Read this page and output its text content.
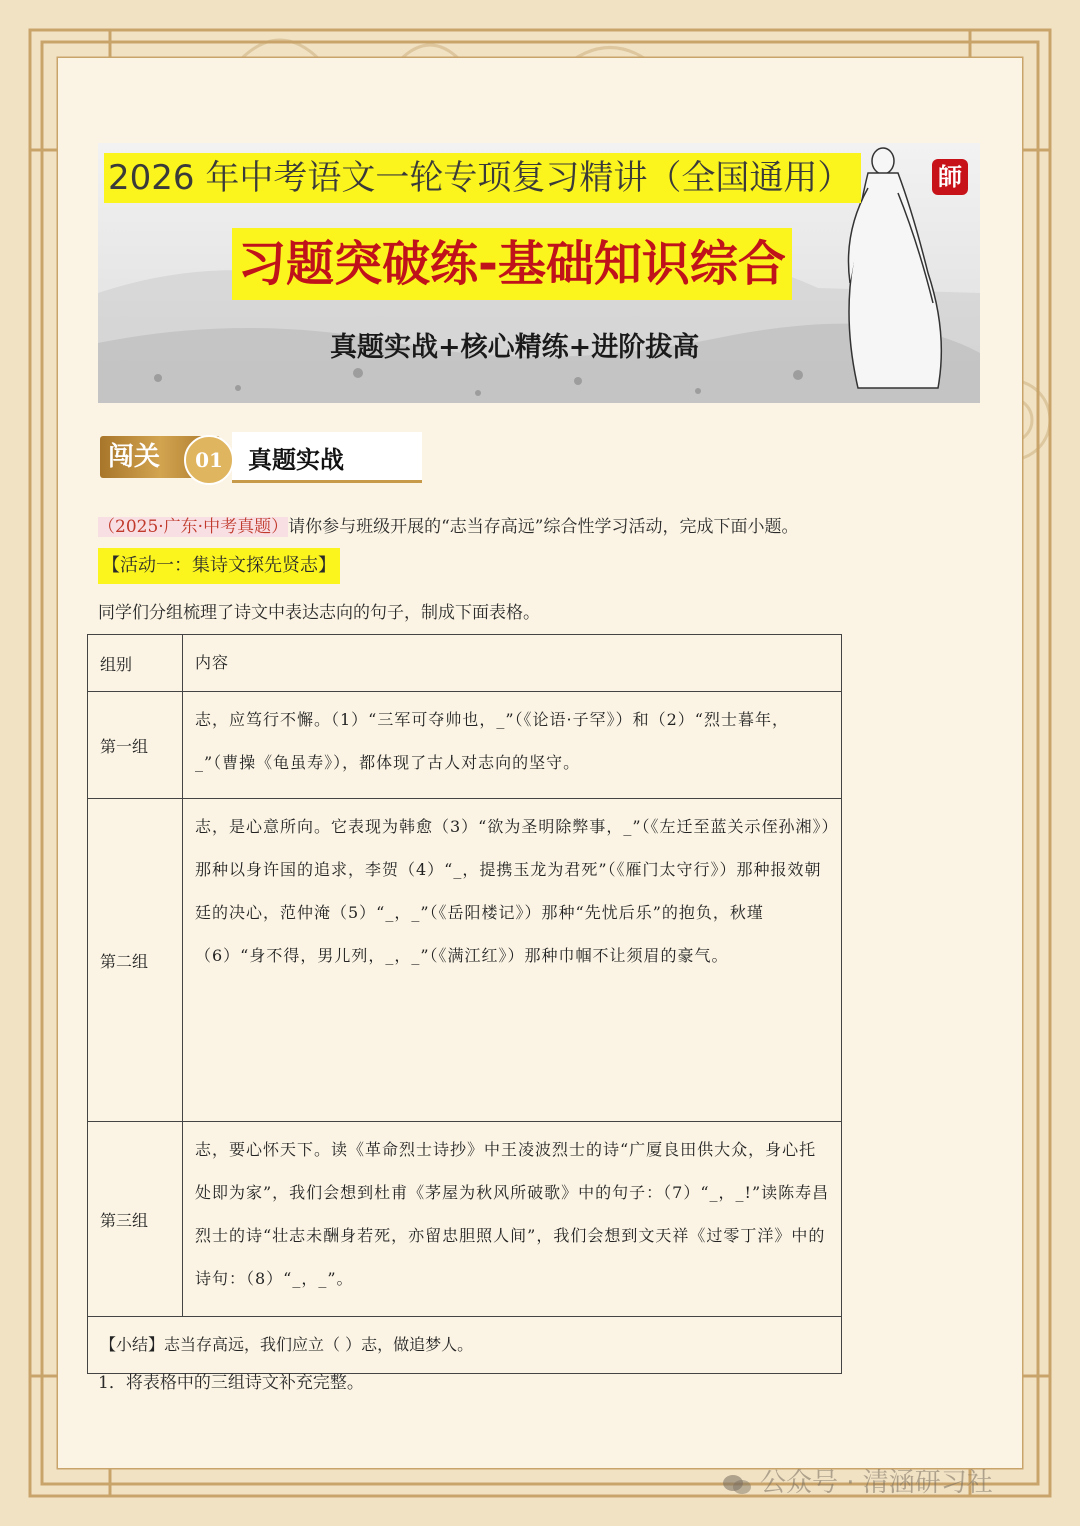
2026 年中考语文一轮专项复习精讲（全国通用）	師
习题突破练-基础知识综合
真题实战+核心精练+进阶拔高
闯关	01	真题实战
（2025·广东·中考真题）请你参与班级开展的“志当存高远”综合性学习活动，完成下面小题。
【活动一：集诗文探先贤志】
同学们分组梳理了诗文中表达志向的句子，制成下面表格。
组别	内容
第一组	志，应笃行不懈。（1）“三军可夺帅也，_”（《论语·子罕》）和（2）“烈士暮年，_”（曹操《龟虽寿》），都体现了古人对志向的坚守。
第二组	志，是心意所向。它表现为韩愈（3）“欲为圣明除弊事，_”（《左迁至蓝关示侄孙湘》）那种以身许国的追求，李贺（4）“_，提携玉龙为君死”（《雁门太守行》）那种报效朝廷的决心，范仲淹（5）“_，_”（《岳阳楼记》）那种“先忧后乐”的抱负，秋瑾（6）“身不得，男儿列，_，_”（《满江红》）那种巾帼不让须眉的豪气。
第三组	志，要心怀天下。读《革命烈士诗抄》中王凌波烈士的诗“广厦良田供大众，身心托处即为家”，我们会想到杜甫《茅屋为秋风所破歌》中的句子：（7）“_，_!”读陈寿昌烈士的诗“壮志未酬身若死，亦留忠胆照人间”，我们会想到文天祥《过零丁洋》中的诗句：（8）“_，_”。
【小结】志当存高远，我们应立（ ）志，做追梦人。	
1．将表格中的三组诗文补充完整。
公众号 · 清涵研习社
